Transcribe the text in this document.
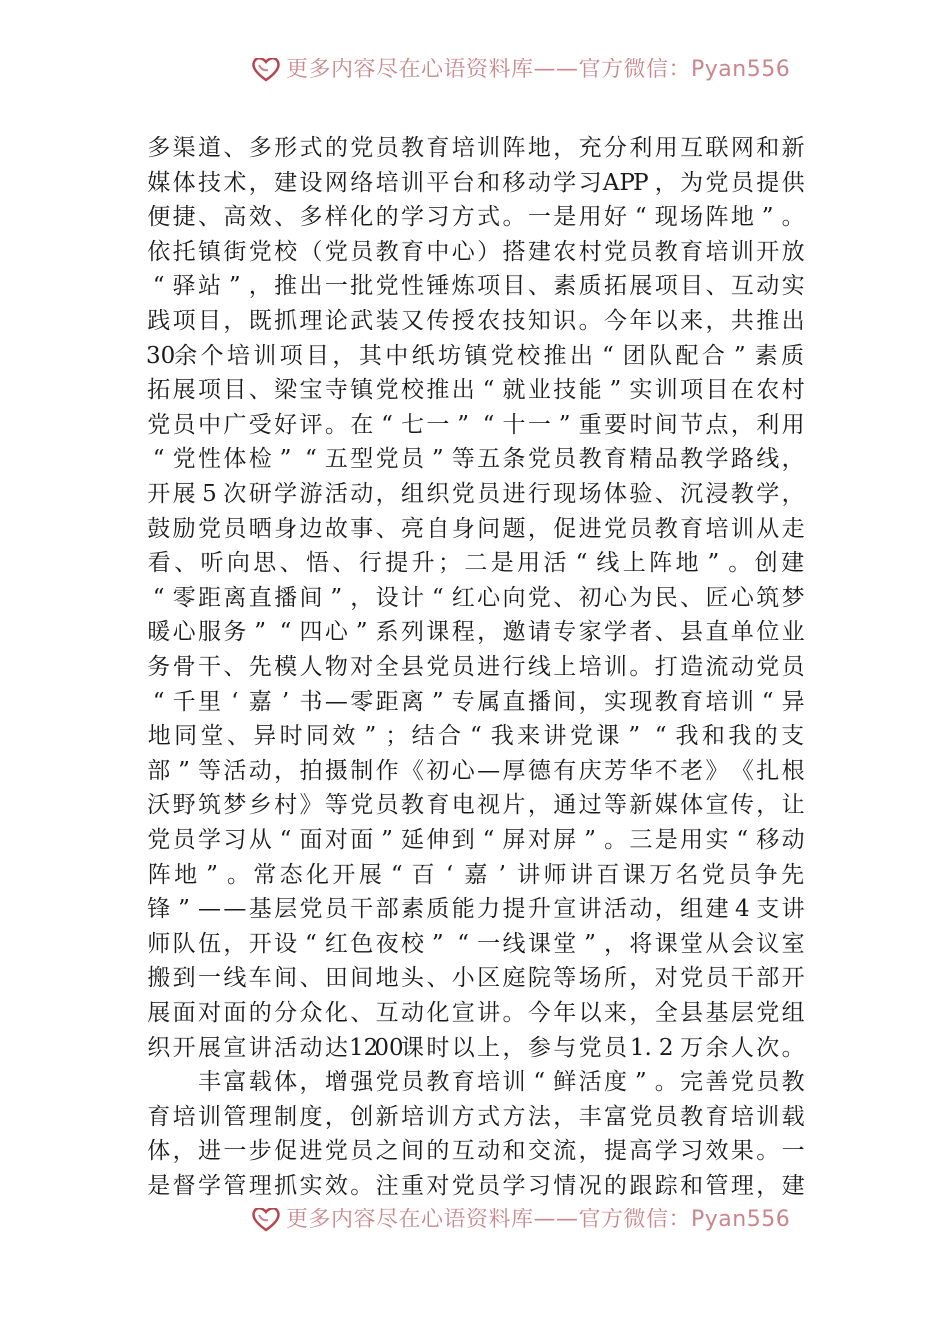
更多内容尽在心语资料库——官方微信：Pyan556
多 渠 道 、 多 形 式 的 党 员 教 育 培 训 阵 地 ， 充 分 利 用 互 联 网 和 新
媒 体 技 术 ， 建 设 网 络 培 训 平 台 和 移 动 学 习APP ， 为 党 员 提 供
便 捷 、 高 效 、 多 样 化 的 学 习 方 式 。 一 是 用 好 “ 现 场 阵 地 ” 。
依 托 镇 街 党 校 （ 党 员 教 育 中 心 ） 搭 建 农 村 党 员 教 育 培 训 开 放
“ 驿 站 ” ， 推 出 一 批 党 性 锤 炼 项 目 、 素 质 拓 展 项 目 、 互 动 实
践 项 目 ， 既 抓 理 论 武 装 又 传 授 农 技 知 识 。 今 年 以 来 ， 共 推 出
30余 个 培 训 项 目 ， 其 中 纸 坊 镇 党 校 推 出 “ 团 队 配 合 ” 素 质
拓 展 项 目 、 梁 宝 寺 镇 党 校 推 出 “ 就 业 技 能 ” 实 训 项 目 在 农 村
党 员 中 广 受 好 评 。 在 “ 七 一 ” “ 十 一 ” 重 要 时 间 节 点 ， 利 用
“ 党 性 体 检 ” “ 五 型 党 员 ” 等 五 条 党 员 教 育 精 品 教 学 路 线 ，
开 展 5 次 研 学 游 活 动 ， 组 织 党 员 进 行 现 场 体 验 、 沉 浸 教 学 ，
鼓 励 党 员 晒 身 边 故 事 、 亮 自 身 问 题 ， 促 进 党 员 教 育 培 训 从 走
看 、 听 向 思 、 悟 、 行 提 升 ； 二 是 用 活 “ 线 上 阵 地 ” 。 创 建
“ 零 距 离 直 播 间 ” ， 设 计 “ 红 心 向 党 、 初 心 为 民 、 匠 心 筑 梦
暖 心 服 务 ” “ 四 心 ” 系 列 课 程 ， 邀 请 专 家 学 者 、 县 直 单 位 业
务 骨 干 、 先 模 人 物 对 全 县 党 员 进 行 线 上 培 训 。 打 造 流 动 党 员
“ 千 里 ‘ 嘉 ’ 书 — 零 距 离 ” 专 属 直 播 间 ， 实 现 教 育 培 训 “ 异
地 同 堂 、 异 时 同 效 ” ； 结 合 “ 我 来 讲 党 课 ” “ 我 和 我 的 支
部 ” 等 活 动 ， 拍 摄 制 作 《 初 心 — 厚 德 有 庆 芳 华 不 老 》 《 扎 根
沃 野 筑 梦 乡 村 》 等 党 员 教 育 电 视 片 ， 通 过 等 新 媒 体 宣 传 ， 让
党 员 学 习 从 “ 面 对 面 ” 延 伸 到 “ 屏 对 屏 ” 。 三 是 用 实 “ 移 动
阵 地 ” 。 常 态 化 开 展 “ 百 ‘ 嘉 ’ 讲 师 讲 百 课 万 名 党 员 争 先
锋 ” — — 基 层 党 员 干 部 素 质 能 力 提 升 宣 讲 活 动 ， 组 建 4 支 讲
师 队 伍 ， 开 设 “ 红 色 夜 校 ” “ 一 线 课 堂 ” ， 将 课 堂 从 会 议 室
搬 到 一 线 车 间 、 田 间 地 头 、 小 区 庭 院 等 场 所 ， 对 党 员 干 部 开
展 面 对 面 的 分 众 化 、 互 动 化 宣 讲 。 今 年 以 来 ， 全 县 基 层 党 组
织 开 展 宣 讲 活 动 达1200课 时 以 上 ， 参 与 党 员 1. 2 万 余 人 次 。
　　丰 富 载 体 ， 增 强 党 员 教 育 培 训 “ 鲜 活 度 ” 。 完 善 党 员 教
育 培 训 管 理 制 度 ， 创 新 培 训 方 式 方 法 ， 丰 富 党 员 教 育 培 训 载
体 ， 进 一 步 促 进 党 员 之 间 的 互 动 和 交 流 ， 提 高 学 习 效 果 。 一
是 督 学 管 理 抓 实 效 。 注 重 对 党 员 学 习 情 况 的 跟 踪 和 管 理 ， 建
更多内容尽在心语资料库——官方微信：Pyan556
